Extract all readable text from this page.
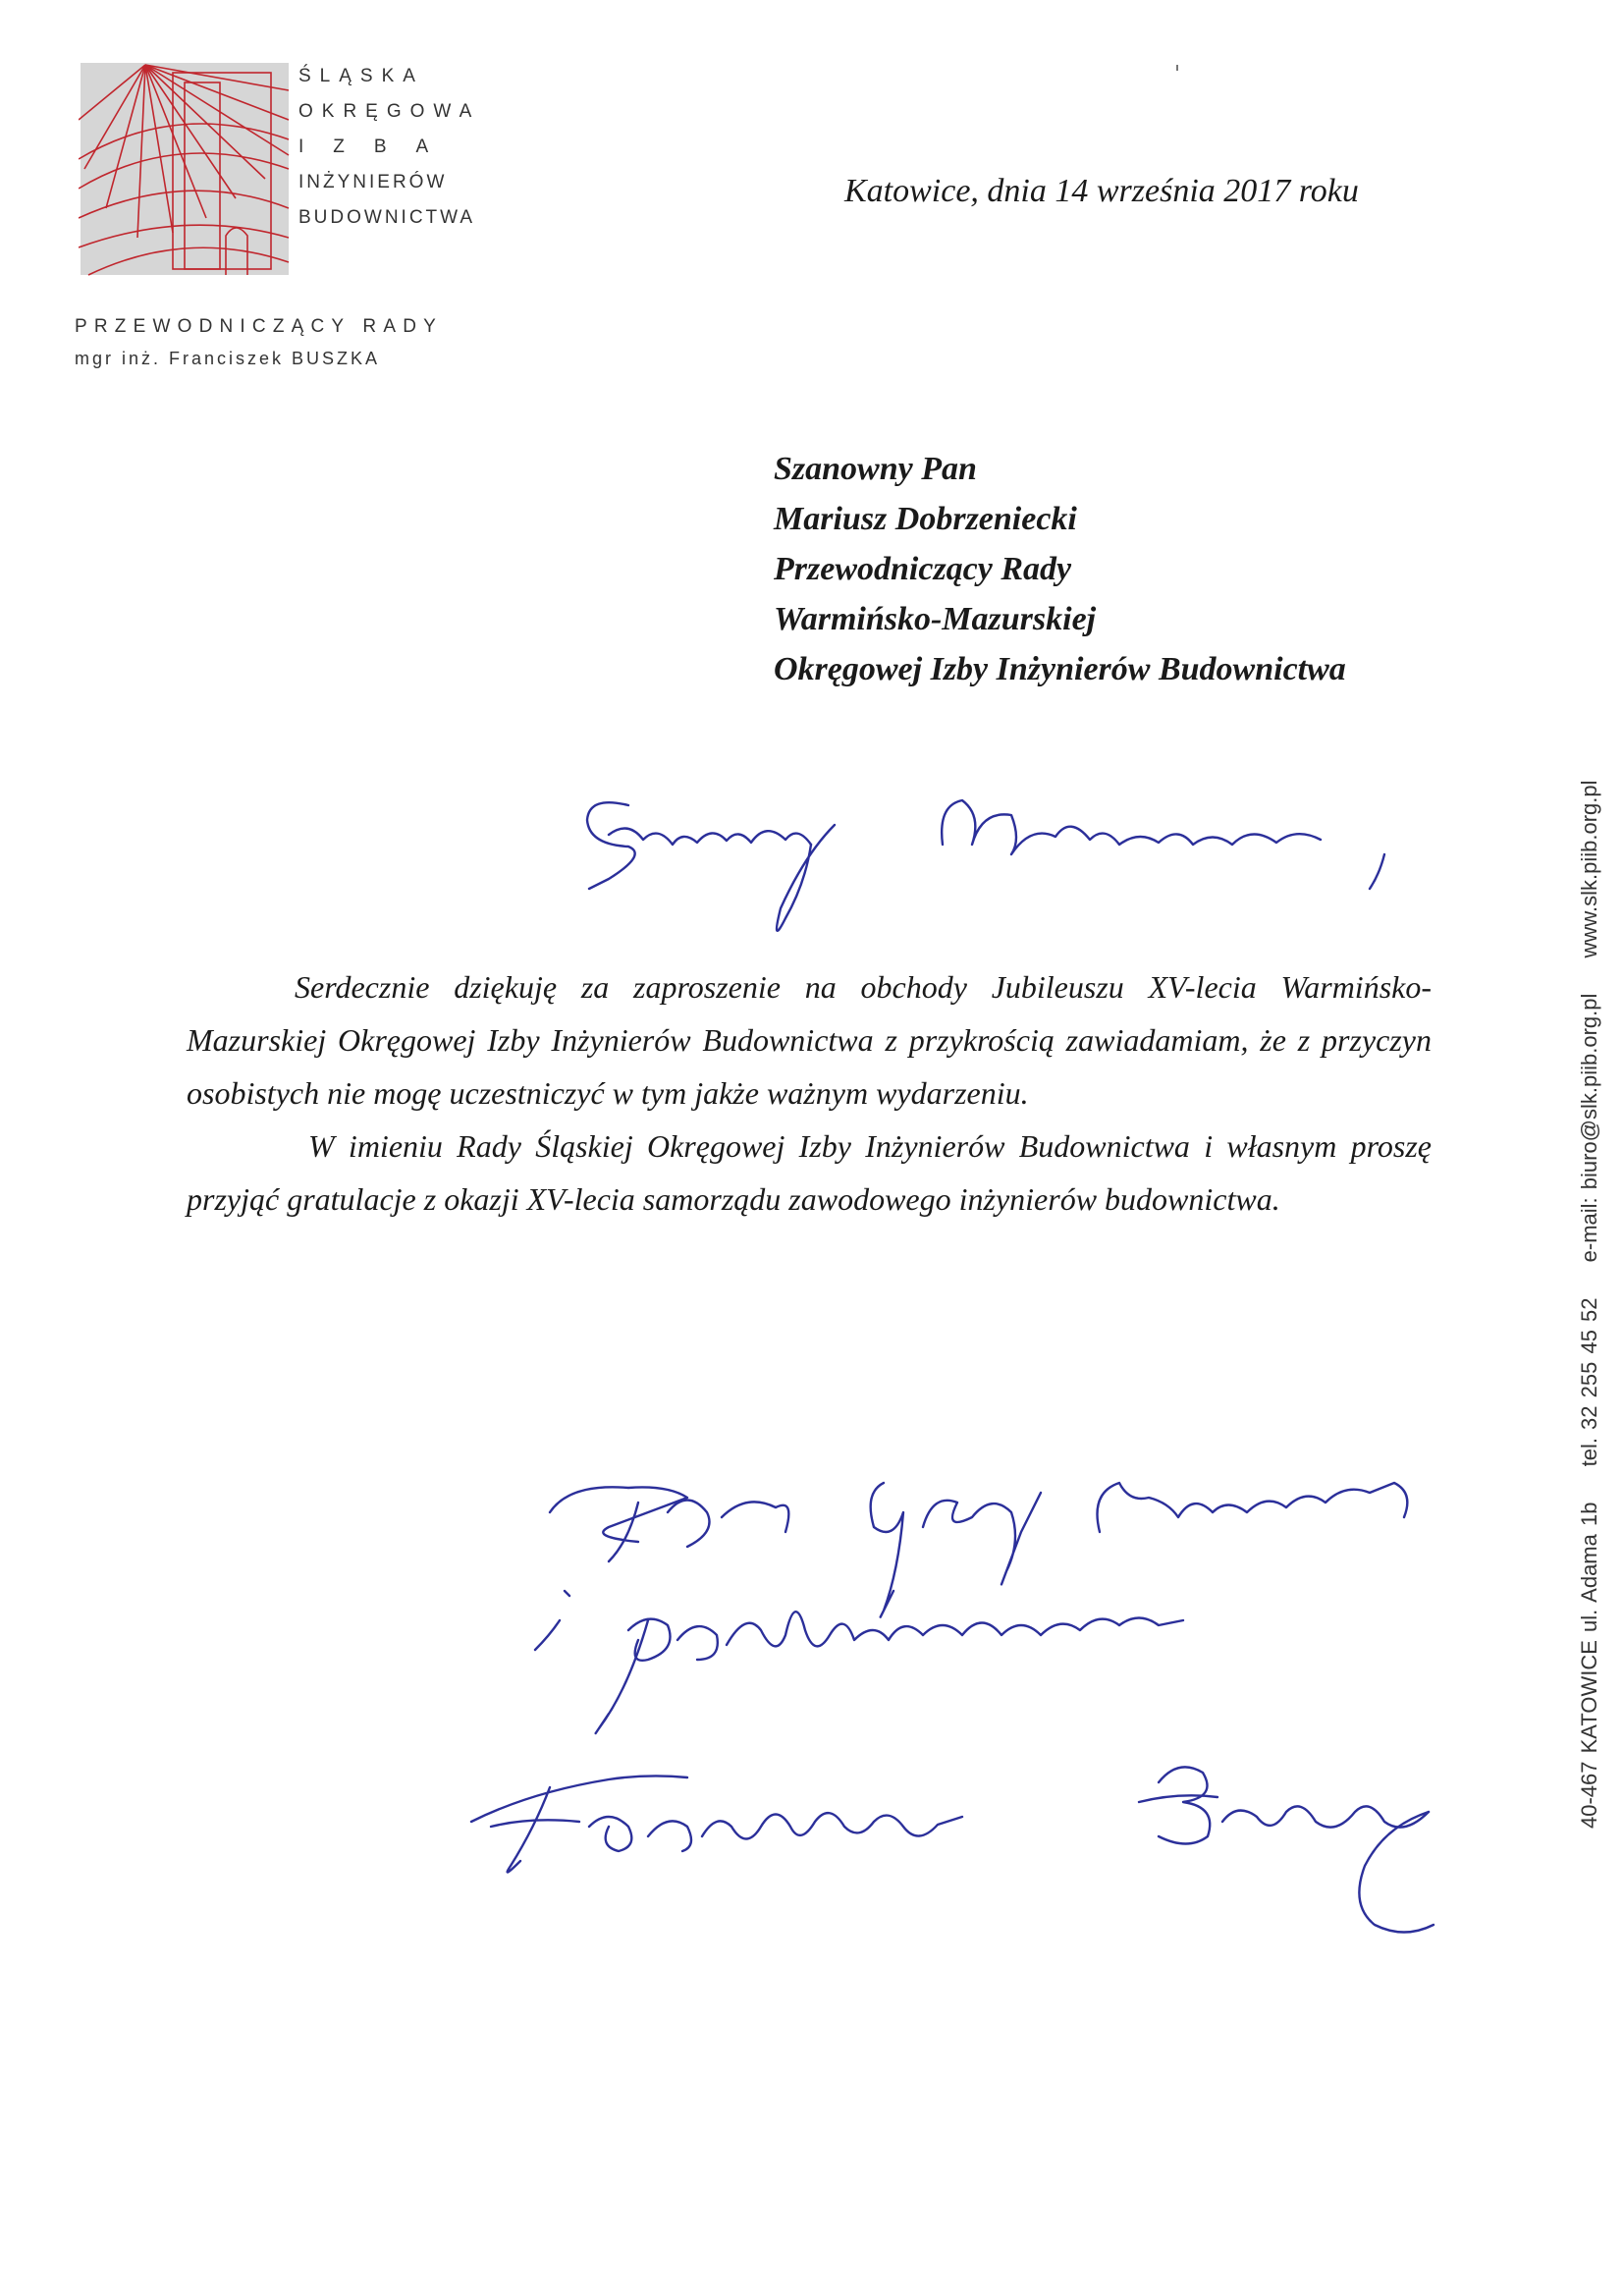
ŚLĄSKA
OKRĘGOWA
IZBA
INŻYNIERÓW
BUDOWNICTWA
PRZEWODNICZĄCY RADY
mgr inż. Franciszek BUSZKA
Katowice, dnia 14 września 2017 roku
Szanowny Pan
Mariusz Dobrzeniecki
Przewodniczący Rady
Warmińsko-Mazurskiej
Okręgowej Izby Inżynierów Budownictwa

Serdecznie dziękuję za zaproszenie na obchody Jubileuszu XV-lecia Warmińsko-Mazurskiej Okręgowej Izby Inżynierów Budownictwa z przykrością zawiadamiam, że z przyczyn osobistych nie mogę uczestniczyć w tym jakże ważnym wydarzeniu.

W imieniu Rady Śląskiej Okręgowej Izby Inżynierów Budownictwa i własnym proszę przyjąć gratulacje z okazji XV-lecia samorządu zawodowego inżynierów budownictwa.

40-467 KATOWICE ul. Adama 1b tel. 32 255 45 52 e-mail: biuro@slk.piib.org.pl www.slk.piib.org.pl
